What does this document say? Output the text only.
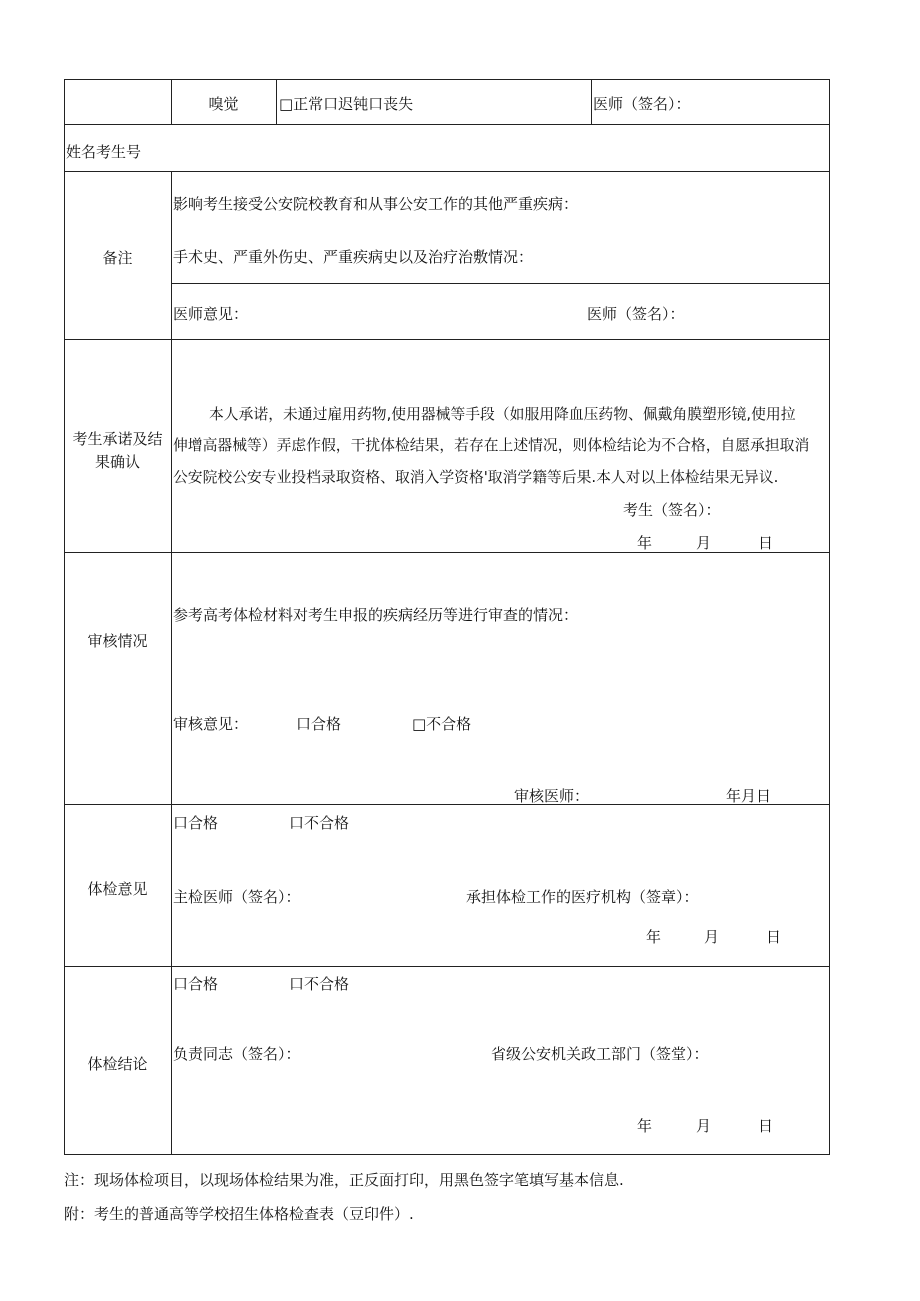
嗅觉	□正常口迟钝口丧失	医师（签名）：
姓名考生号
备注
影响考生接受公安院校教育和从事公安工作的其他严重疾病：
手术史、严重外伤史、严重疾病史以及治疗治敷情况：
医师意见：	医师（签名）：
考生承诺及结
果确认
本人承诺，未通过雇用药物,使用器械等手段（如服用降血压药物、佩戴角膜塑形镜,使用拉
伸增高器械等）弄虑作假，干扰体检结果，若存在上述情况，则体检结论为不合格，自愿承担取消
公安院校公安专业投档录取资格、取消入学资格'取消学籍等后果.本人对以上体检结果无异议.
考生（签名）：
年	月	日
审核情况
参考高考体检材料对考生申报的疾病经历等进行审查的情况：
审核意见：	口合格	□不合格
审核医师：	年月日
体检意见
口合格	口不合格
主检医师（签名）：	承担体检工作的医疗机构（签章）：
年	月	日
体检结论
口合格	口不合格
负责同志（签名）：	省级公安机关政工部门（签堂）：
年	月	日
注：现场体检项目，以现场体检结果为准，正反面打印，用黑色签字笔填写基本信息.
附：考生的普通高等学校招生体格检查表（豆印件）.
